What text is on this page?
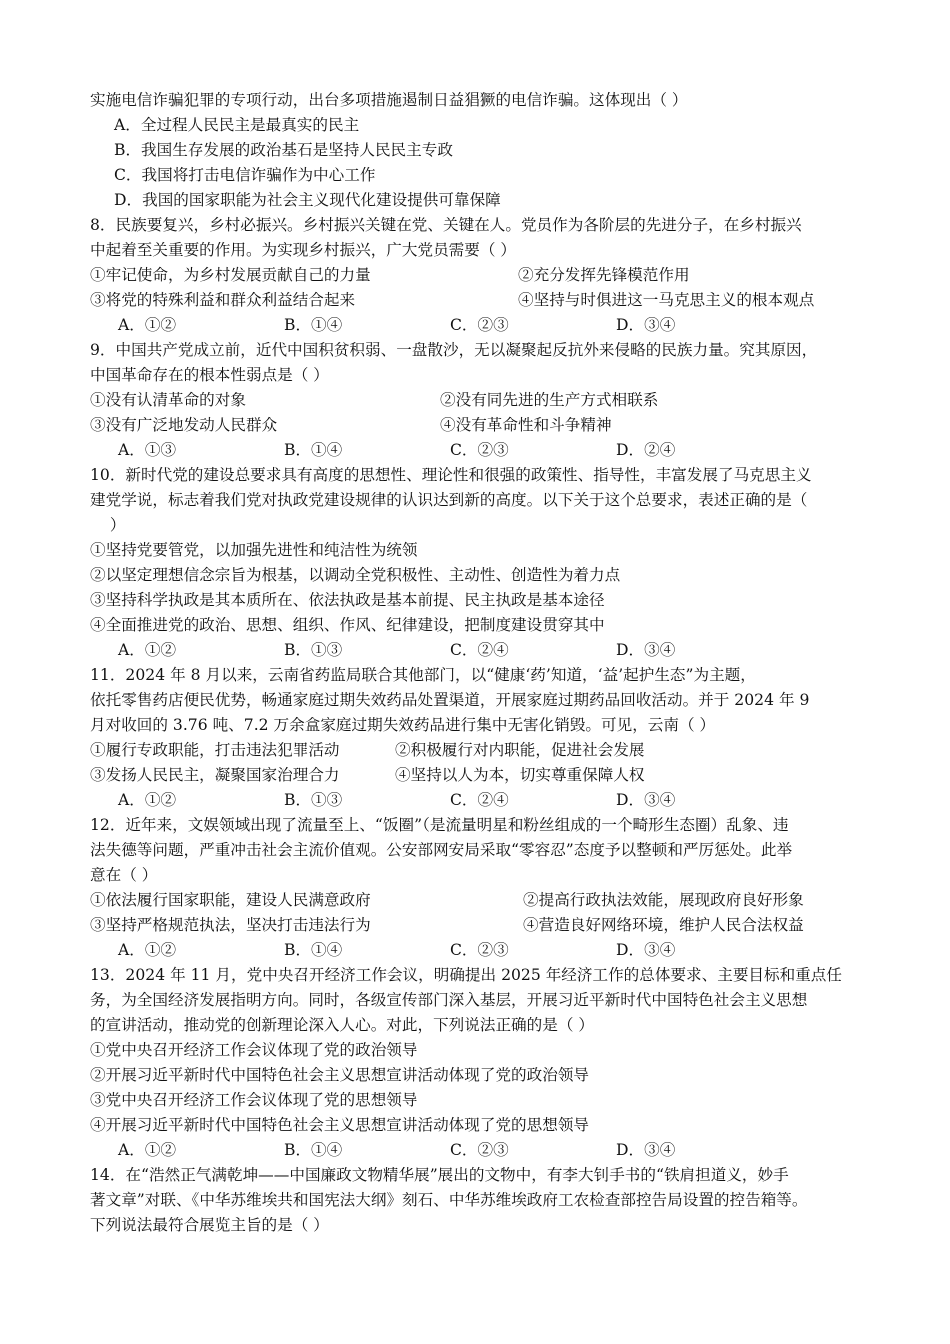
实施电信诈骗犯罪的专项行动，出台多项措施遏制日益猖獗的电信诈骗。这体现出（ ）
A．全过程人民民主是最真实的民主
B．我国生存发展的政治基石是坚持人民民主专政
C．我国将打击电信诈骗作为中心工作
D．我国的国家职能为社会主义现代化建设提供可靠保障
8．民族要复兴，乡村必振兴。乡村振兴关键在党、关键在人。党员作为各阶层的先进分子，在乡村振兴
中起着至关重要的作用。为实现乡村振兴，广大党员需要（ ）
①牢记使命，为乡村发展贡献自己的力量	②充分发挥先锋模范作用
③将党的特殊利益和群众利益结合起来	④坚持与时俱进这一马克思主义的根本观点
A．①②	B．①④	C．②③	D．③④
9．中国共产党成立前，近代中国积贫积弱、一盘散沙，无以凝聚起反抗外来侵略的民族力量。究其原因，
中国革命存在的根本性弱点是（ ）
①没有认清革命的对象	②没有同先进的生产方式相联系
③没有广泛地发动人民群众	④没有革命性和斗争精神
A．①③	B．①④	C．②③	D．②④
10．新时代党的建设总要求具有高度的思想性、理论性和很强的政策性、指导性，丰富发展了马克思主义
建党学说，标志着我们党对执政党建设规律的认识达到新的高度。以下关于这个总要求，表述正确的是（
）
①坚持党要管党，以加强先进性和纯洁性为统领
②以坚定理想信念宗旨为根基，以调动全党积极性、主动性、创造性为着力点
③坚持科学执政是其本质所在、依法执政是基本前提、民主执政是基本途径
④全面推进党的政治、思想、组织、作风、纪律建设，把制度建设贯穿其中
A．①②	B．①③	C．②④	D．③④
11．2024 年 8 月以来，云南省药监局联合其他部门，以“健康‘药’知道，‘益’起护生态”为主题，
依托零售药店便民优势，畅通家庭过期失效药品处置渠道，开展家庭过期药品回收活动。并于 2024 年 9
月对收回的 3.76 吨、7.2 万余盒家庭过期失效药品进行集中无害化销毁。可见，云南（ ）
①履行专政职能，打击违法犯罪活动	②积极履行对内职能，促进社会发展
③发扬人民民主，凝聚国家治理合力	④坚持以人为本，切实尊重保障人权
A．①②	B．①③	C．②④	D．③④
12．近年来，文娱领域出现了流量至上、“饭圈”（是流量明星和粉丝组成的一个畸形生态圈）乱象、违
法失德等问题，严重冲击社会主流价值观。公安部网安局采取“零容忍”态度予以整顿和严厉惩处。此举
意在（ ）
①依法履行国家职能，建设人民满意政府	②提高行政执法效能，展现政府良好形象
③坚持严格规范执法，坚决打击违法行为	④营造良好网络环境，维护人民合法权益
A．①②	B．①④	C．②③	D．③④
13．2024 年 11 月，党中央召开经济工作会议，明确提出 2025 年经济工作的总体要求、主要目标和重点任
务，为全国经济发展指明方向。同时，各级宣传部门深入基层，开展习近平新时代中国特色社会主义思想
的宣讲活动，推动党的创新理论深入人心。对此，下列说法正确的是（ ）
①党中央召开经济工作会议体现了党的政治领导
②开展习近平新时代中国特色社会主义思想宣讲活动体现了党的政治领导
③党中央召开经济工作会议体现了党的思想领导
④开展习近平新时代中国特色社会主义思想宣讲活动体现了党的思想领导
A．①②	B．①④	C．②③	D．③④
14．在“浩然正气满乾坤——中国廉政文物精华展”展出的文物中，有李大钊手书的“铁肩担道义，妙手
著文章”对联、《中华苏维埃共和国宪法大纲》刻石、中华苏维埃政府工农检查部控告局设置的控告箱等。
下列说法最符合展览主旨的是（ ）
